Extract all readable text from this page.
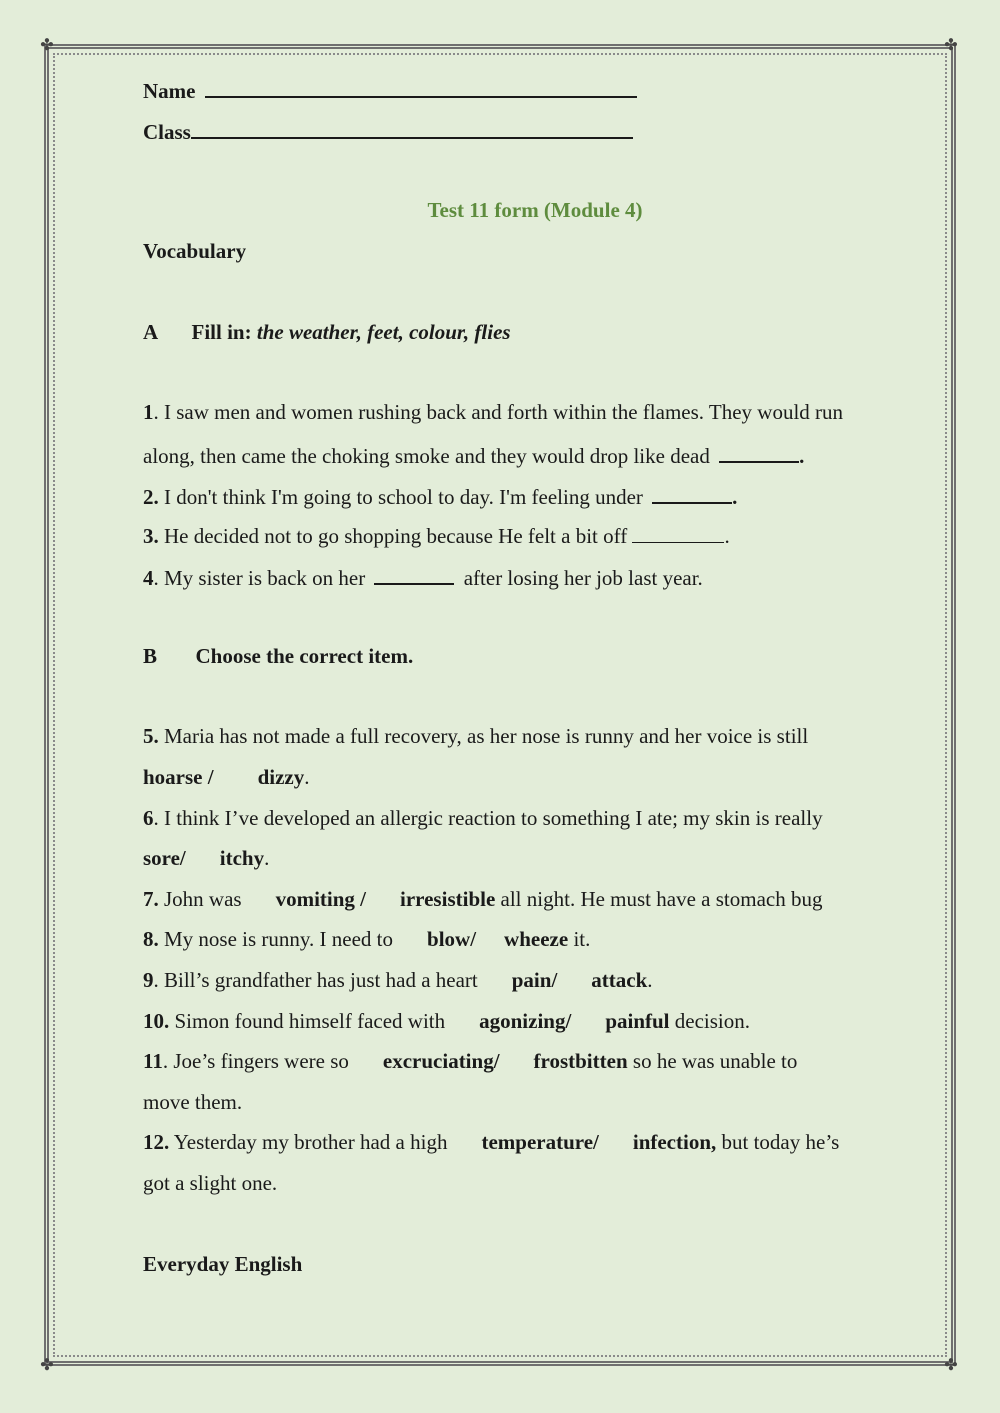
✤	✤
✤	✤
Name
Class
Test 11 form (Module 4)
Vocabulary
A Fill in: the weather, feet, colour, flies
1. I saw men and women rushing back and forth within the flames. They would run
along, then came the choking smoke and they would drop like dead	.
2. I don't think I'm going to school to day. I'm feeling under	.
3. He decided not to go shopping because He felt a bit off	.
4. My sister is back on her	after losing her job last year.
B Choose the correct item.
5. Maria has not made a full recovery, as her nose is runny and her voice is still
hoarse / dizzy.
6. I think I’ve developed an allergic reaction to something I ate; my skin is really
sore/ itchy.
7. John was vomiting / irresistible all night. He must have a stomach bug
8. My nose is runny. I need to blow/ wheeze it.
9. Bill’s grandfather has just had a heart pain/ attack.
10. Simon found himself faced with agonizing/ painful decision.
11. Joe’s fingers were so excruciating/ frostbitten so he was unable to
move them.
12. Yesterday my brother had a high temperature/ infection, but today he’s
got a slight one.
Everyday English
